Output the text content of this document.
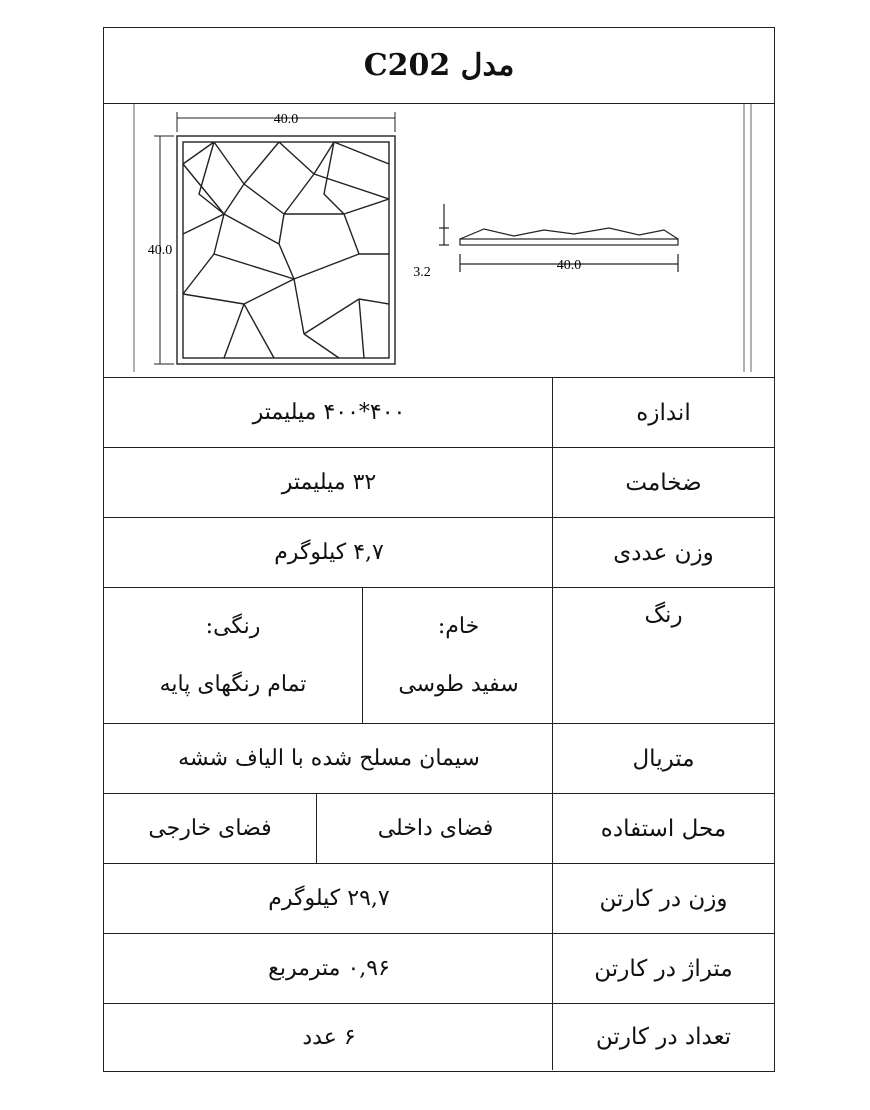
مدل C202
40.0
40.0
40.0
3.2
اندازه
۴۰۰*۴۰۰ میلیمتر
ضخامت
۳۲ میلیمتر
وزن عددی
۴,۷ کیلوگرم
رنگ
خام:
سفید طوسی
رنگی:
تمام رنگهای پایه
متریال
سیمان مسلح شده با الیاف ششه
محل استفاده
فضای داخلی
فضای خارجی
وزن در کارتن
۲۹,۷ کیلوگرم
متراژ در کارتن
۰,۹۶ مترمربع
تعداد در کارتن
۶ عدد
